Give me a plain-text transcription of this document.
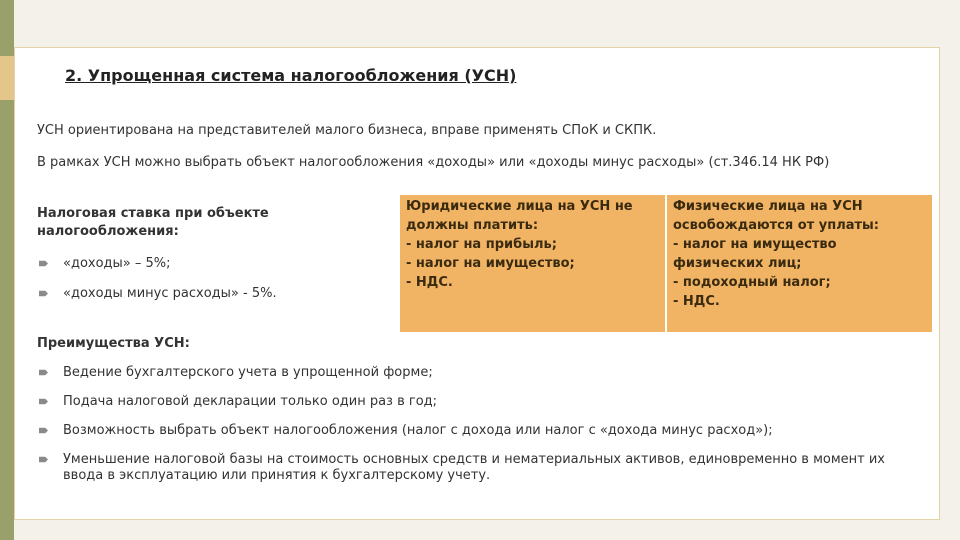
2. Упрощенная система налогообложения (УСН)
УСН ориентирована на представителей малого бизнеса, вправе применять СПоК и СКПК.
В рамках УСН можно выбрать объект налогообложения «доходы» или «доходы минус расходы» (ст.346.14 НК РФ)
Налоговая ставка при объекте налогообложения:
«доходы» – 5%;
«доходы минус расходы» - 5%.
Юридические лица на УСН не
должны платить:
- налог на прибыль;
- налог на имущество;
- НДС.
Физические лица на УСН
освобождаются от уплаты:
- налог на имущество
физических лиц;
- подоходный налог;
- НДС.
Преимущества УСН:
Ведение бухгалтерского учета в упрощенной форме;
Подача налоговой декларации только один раз в год;
Возможность выбрать объект налогообложения (налог с дохода или налог с «дохода минус расход»);
Уменьшение налоговой базы на стоимость основных средств и нематериальных активов, единовременно в момент их ввода в эксплуатацию или принятия к бухгалтерскому учету.
